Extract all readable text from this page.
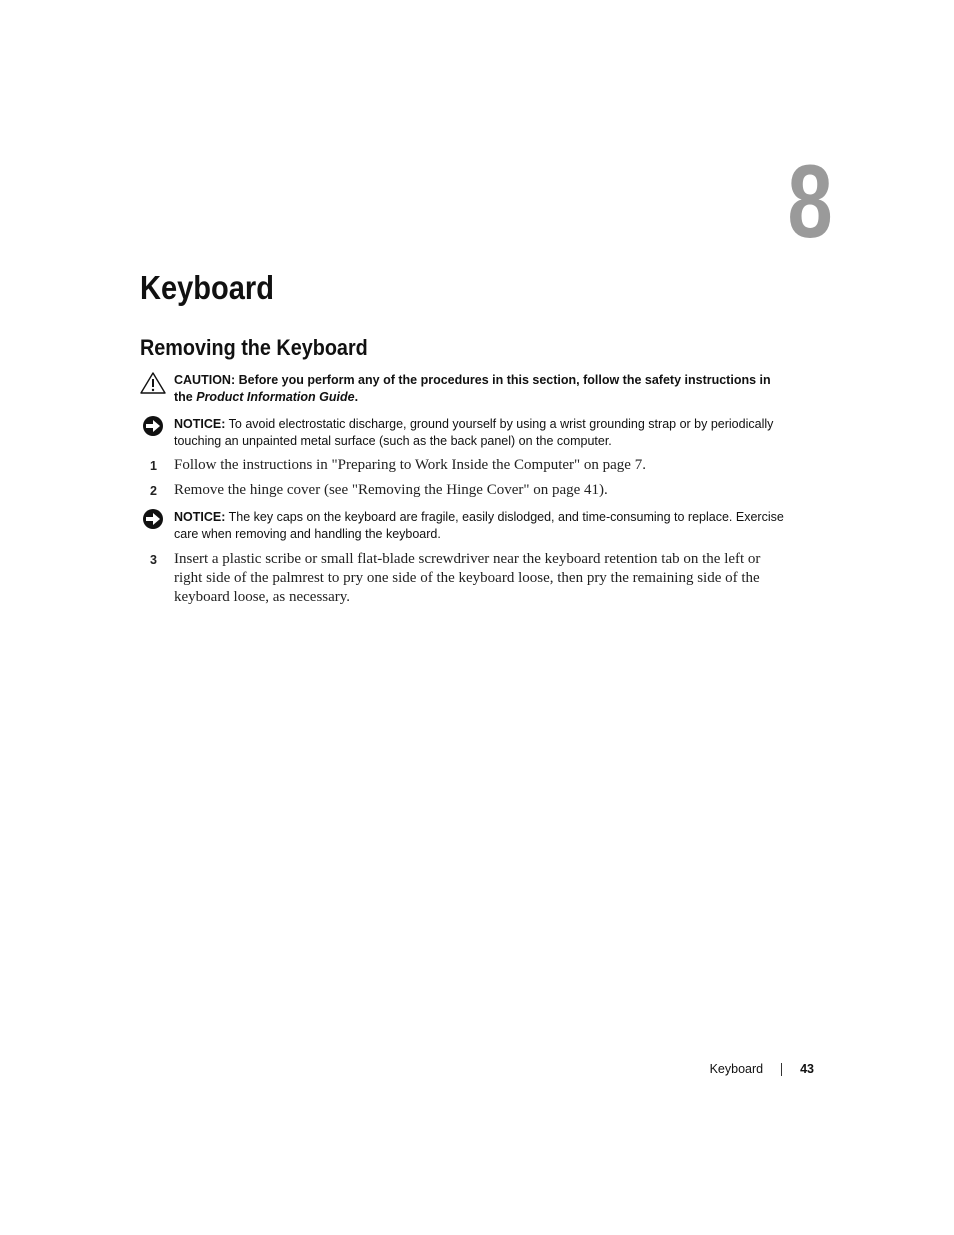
8
Keyboard
Removing the Keyboard
CAUTION: Before you perform any of the procedures in this section, follow the safety instructions in the Product Information Guide.
NOTICE: To avoid electrostatic discharge, ground yourself by using a wrist grounding strap or by periodically touching an unpainted metal surface (such as the back panel) on the computer.
1 Follow the instructions in "Preparing to Work Inside the Computer" on page 7.
2 Remove the hinge cover (see "Removing the Hinge Cover" on page 41).
NOTICE: The key caps on the keyboard are fragile, easily dislodged, and time-consuming to replace. Exercise care when removing and handling the keyboard.
3 Insert a plastic scribe or small flat-blade screwdriver near the keyboard retention tab on the left or right side of the palmrest to pry one side of the keyboard loose, then pry the remaining side of the keyboard loose, as necessary.
Keyboard	43
